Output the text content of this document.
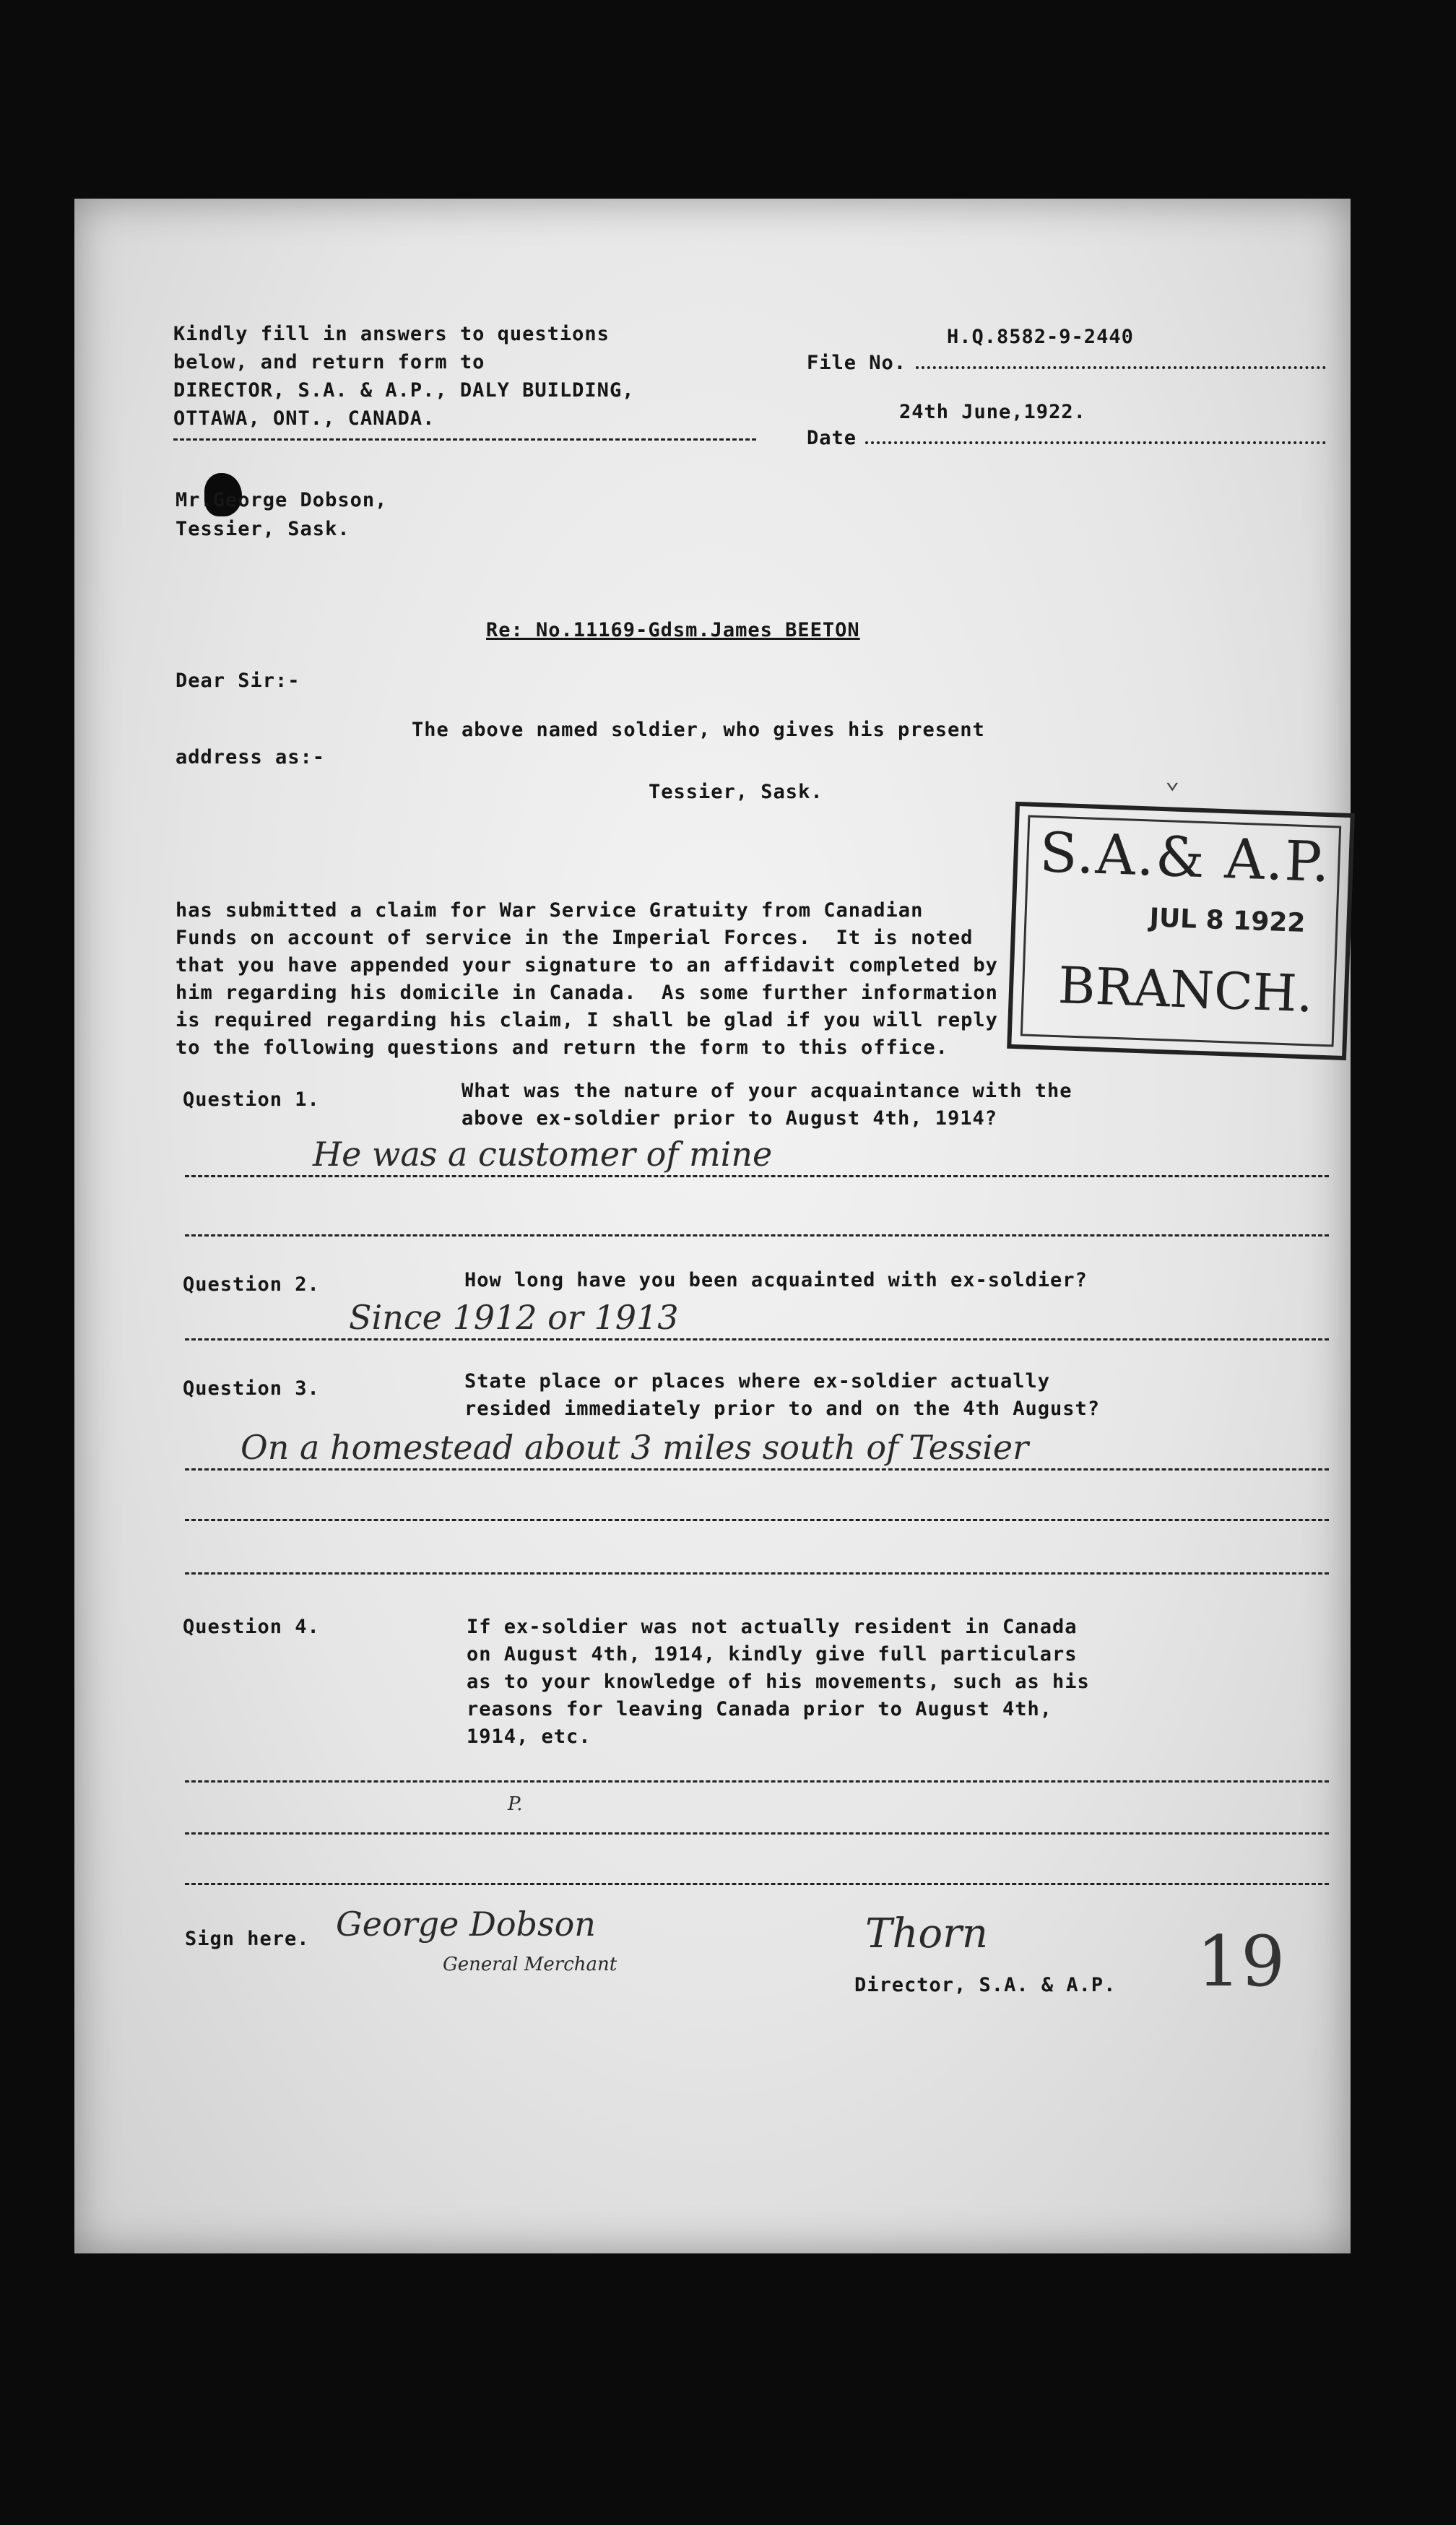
Kindly fill in answers to questions
below, and return form to
DIRECTOR, S.A. & A.P., DALY BUILDING,
OTTAWA, ONT., CANADA.
H.Q.8582-9-2440
File No.
24th June,1922.
Date
Mr.George Dobson,
Tessier, Sask.
Re: No.11169-Gdsm.James BEETON
⌄
S.A.& A.P.
JUL 8 1922
BRANCH.
Dear Sir:-
The above named soldier, who gives his present
address as:-
Tessier, Sask.
has submitted a claim for War Service Gratuity from Canadian
Funds on account of service in the Imperial Forces.  It is noted
that you have appended your signature to an affidavit completed by
him regarding his domicile in Canada.  As some further information
is required regarding his claim, I shall be glad if you will reply
to the following questions and return the form to this office.
Question 1.	What was the nature of your acquaintance with the
above ex-soldier prior to August 4th, 1914?
He was a customer of mine
Question 2.	How long have you been acquainted with ex-soldier?
Since 1912 or 1913
Question 3.	State place or places where ex-soldier actually
resided immediately prior to and on the 4th August?
On a homestead about 3 miles south of Tessier
Question 4.	If ex-soldier was not actually resident in Canada
on August 4th, 1914, kindly give full particulars
as to your knowledge of his movements, such as his
reasons for leaving Canada prior to August 4th,
1914, etc.
P.
Sign here. George Dobson
General Merchant
Thorn
Director, S.A. & A.P. 19
